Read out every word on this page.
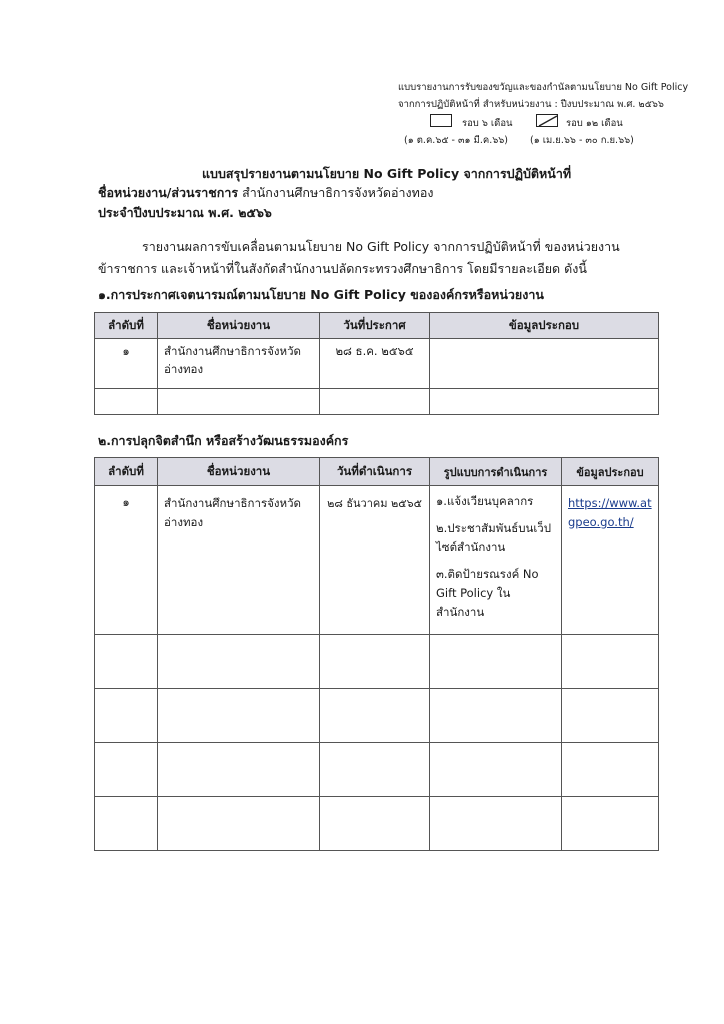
แบบรายงานการรับของขวัญและของกำนัลตามนโยบาย No Gift Policy
จากการปฏิบัติหน้าที่ สำหรับหน่วยงาน : ปีงบประมาณ พ.ศ. ๒๕๖๖
รอบ ๖ เดือน	รอบ ๑๒ เดือน
(๑ ต.ค.๖๕ - ๓๑ มี.ค.๖๖) (๑ เม.ย.๖๖ - ๓๐ ก.ย.๖๖)
แบบสรุปรายงานตามนโยบาย No Gift Policy จากการปฏิบัติหน้าที่
ชื่อหน่วยงาน/ส่วนราชการ สำนักงานศึกษาธิการจังหวัดอ่างทอง
ประจำปีงบประมาณ พ.ศ. ๒๕๖๖
รายงานผลการขับเคลื่อนตามนโยบาย No Gift Policy จากการปฏิบัติหน้าที่ ของหน่วยงาน
ข้าราชการ และเจ้าหน้าที่ในสังกัดสำนักงานปลัดกระทรวงศึกษาธิการ โดยมีรายละเอียด ดังนี้
๑.การประกาศเจตนารมณ์ตามนโยบาย No Gift Policy ขององค์กรหรือหน่วยงาน
ลำดับที่	ชื่อหน่วยงาน	วันที่ประกาศ	ข้อมูลประกอบ
๑	สำนักงานศึกษาธิการจังหวัดอ่างทอง	๒๘ ธ.ค. ๒๕๖๕	

๒.การปลุกจิตสำนึก หรือสร้างวัฒนธรรมองค์กร
ลำดับที่	ชื่อหน่วยงาน	วันที่ดำเนินการ	รูปแบบการดำเนินการ	ข้อมูลประกอบ
๑	สำนักงานศึกษาธิการจังหวัดอ่างทอง	๒๘ ธันวาคม ๒๕๖๕	๑.แจ้งเวียนบุคลากร
๒.ประชาสัมพันธ์บนเว็ปไซต์สำนักงาน
๓.ติดป้ายรณรงค์ No Gift Policy ในสำนักงาน	https://www.atgpeo.go.th/
